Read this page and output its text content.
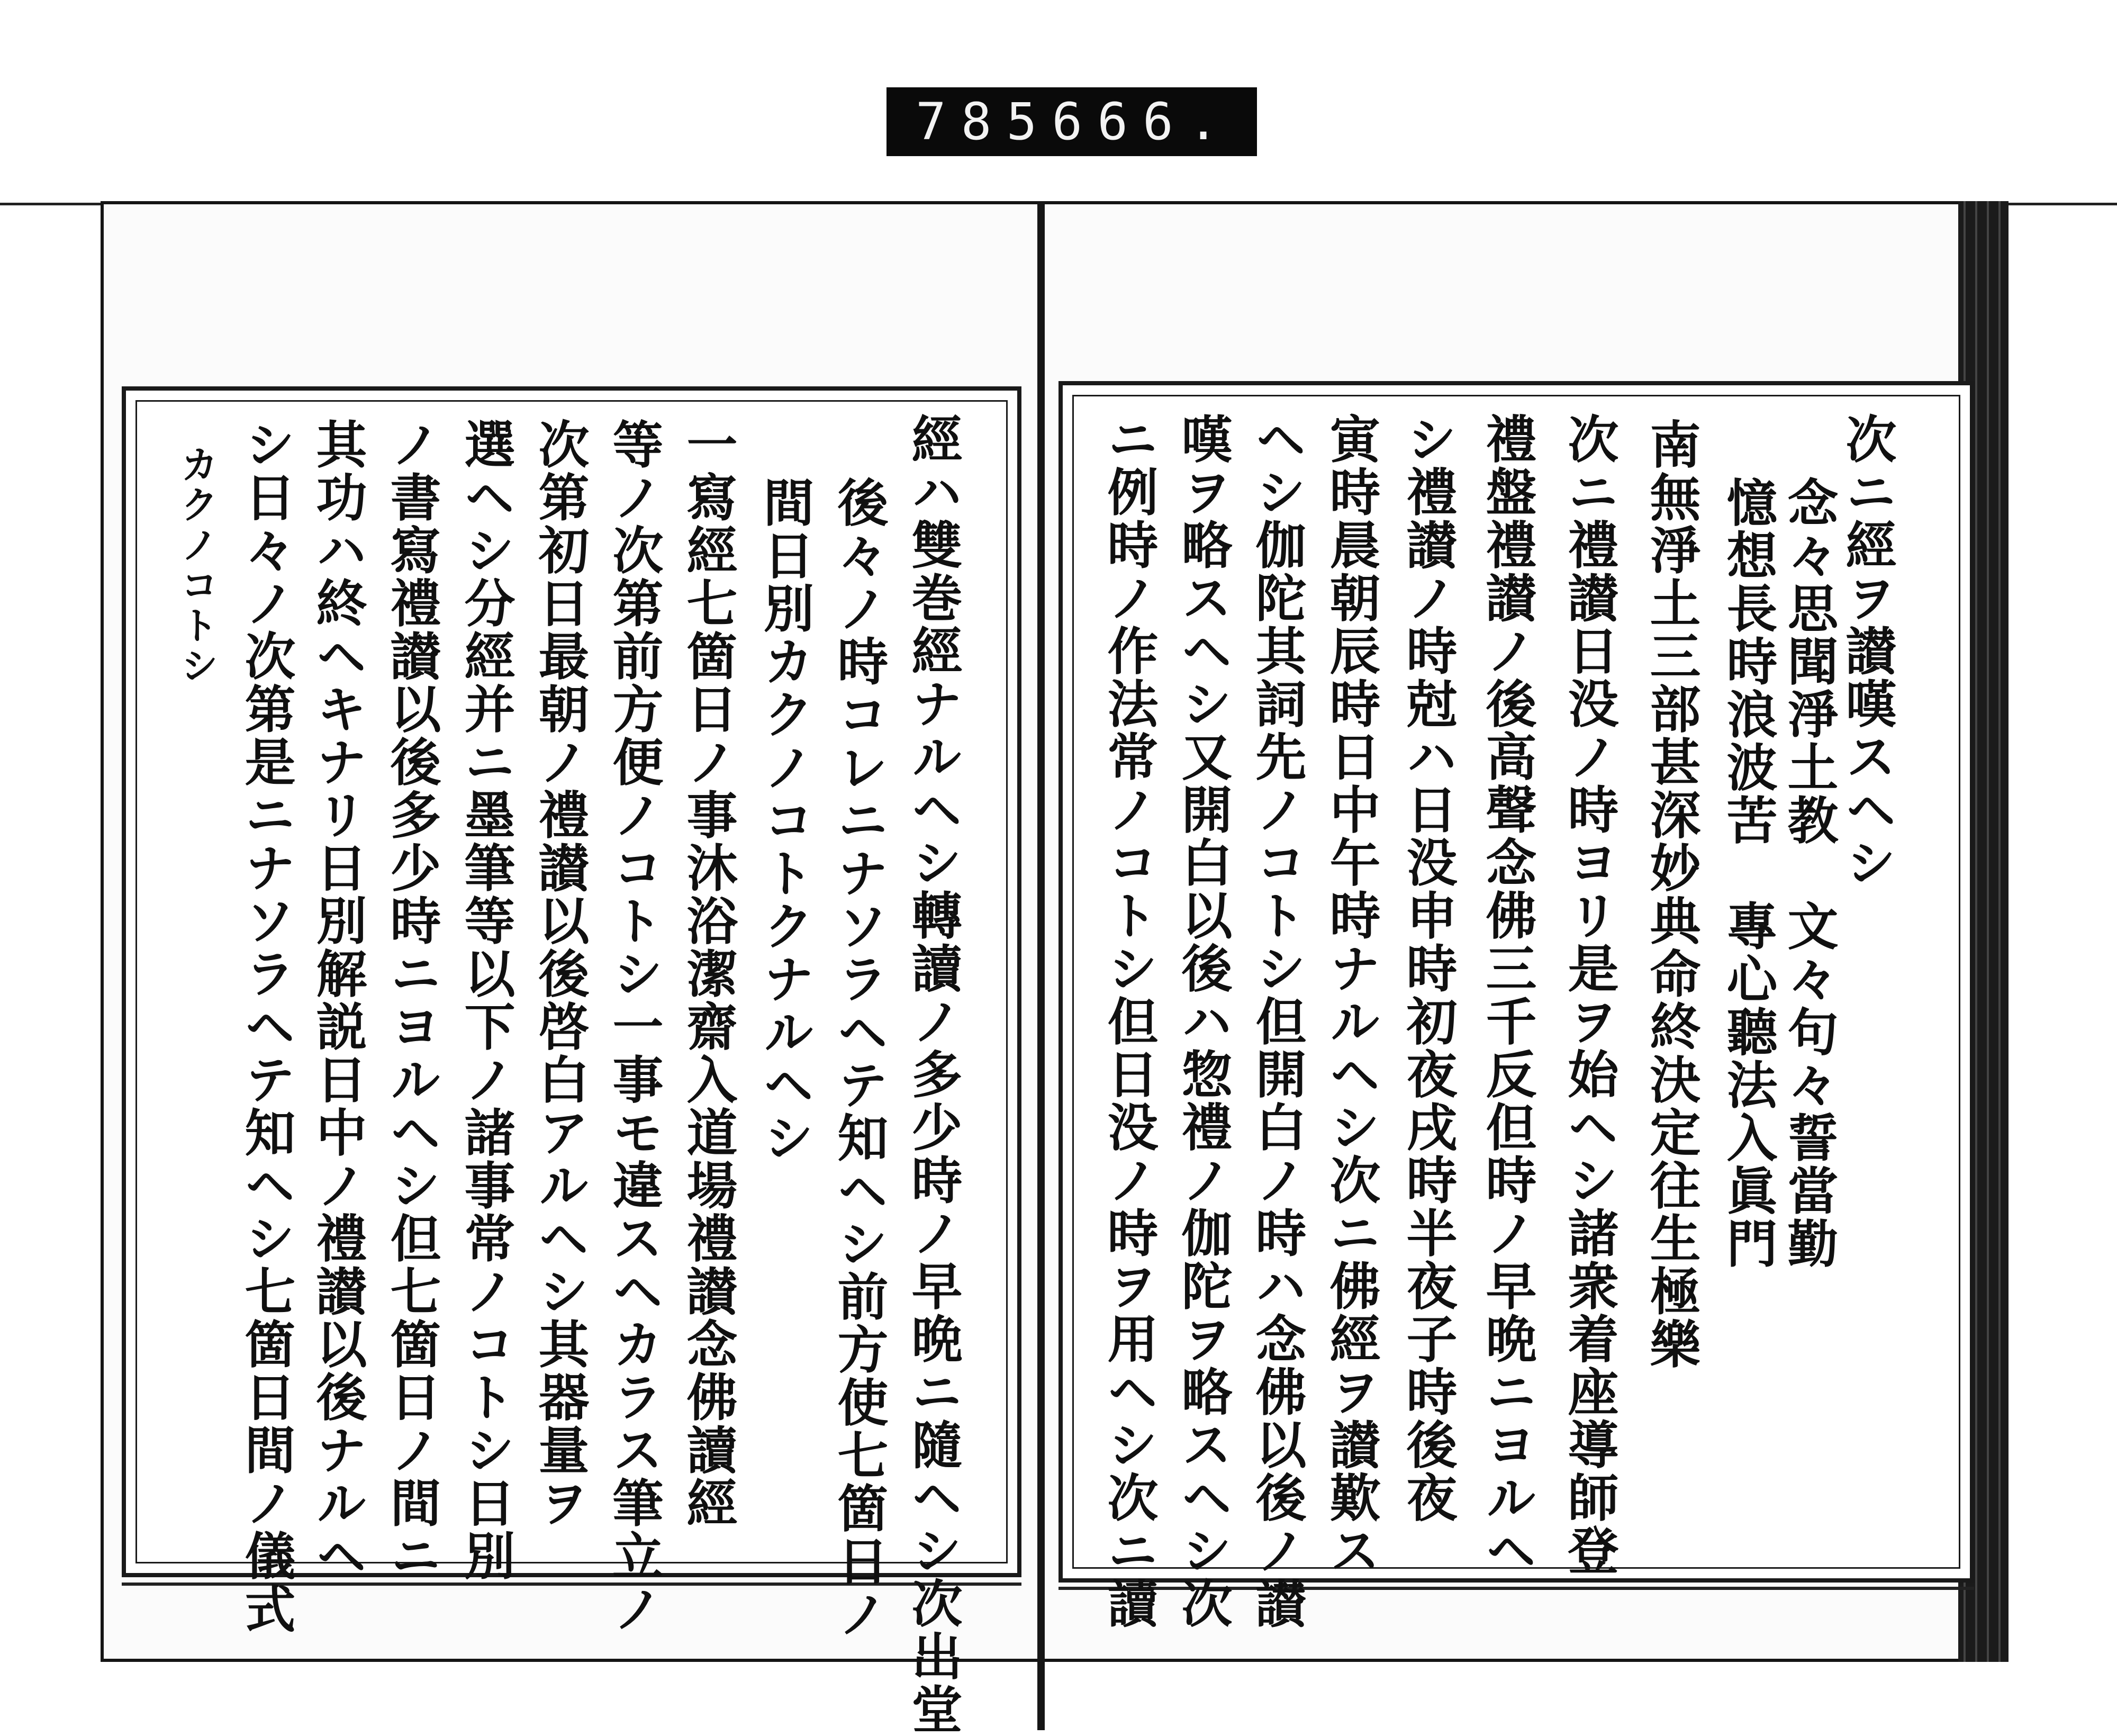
785 666.
次ニ經ヲ讃嘆スヘシ
念々思聞淨土教　文々句々誓當勤
憶想長時浪波苦　專心聽法入眞門
南無淨土三部甚深妙典命終決定往生極樂
次ニ禮讃日没ノ時ヨリ是ヲ始ヘシ諸衆着座導師登
禮盤禮讃ノ後高聲念佛三千反但時ノ早晩ニヨルヘ
シ禮讃ノ時尅ハ日没申時初夜戌時半夜子時後夜
寅時晨朝辰時日中午時ナルヘシ次ニ佛經ヲ讃歎ス
ヘシ伽陀其詞先ノコトシ但開白ノ時ハ念佛以後ノ讃
嘆ヲ略スヘシ又開白以後ハ惣禮ノ伽陀ヲ略スヘシ次
ニ例時ノ作法常ノコトシ但日没ノ時ヲ用ヘシ次ニ讀
經ハ雙巻經ナルヘシ轉讀ノ多少時ノ早晩ニ隨ヘシ次出堂
後々ノ時コレニナソラヘテ知ヘシ前方使七箇日ノ
間日別カクノコトクナルヘシ
一寫經七箇日ノ事沐浴潔齋入道場禮讃念佛讀經
等ノ次第前方便ノコトシ一事モ違スヘカラス筆立ノ
次第初日最朝ノ禮讃以後啓白アルヘシ其器量ヲ
選ヘシ分經并ニ墨筆等以下ノ諸事常ノコトシ日別
ノ書寫禮讃以後多少時ニヨルヘシ但七箇日ノ間ニ
其功ハ終ヘキナリ日別解説日中ノ禮讃以後ナルヘ
シ日々ノ次第是ニナソラヘテ知ヘシ七箇日間ノ儀式
カクノコトシ
